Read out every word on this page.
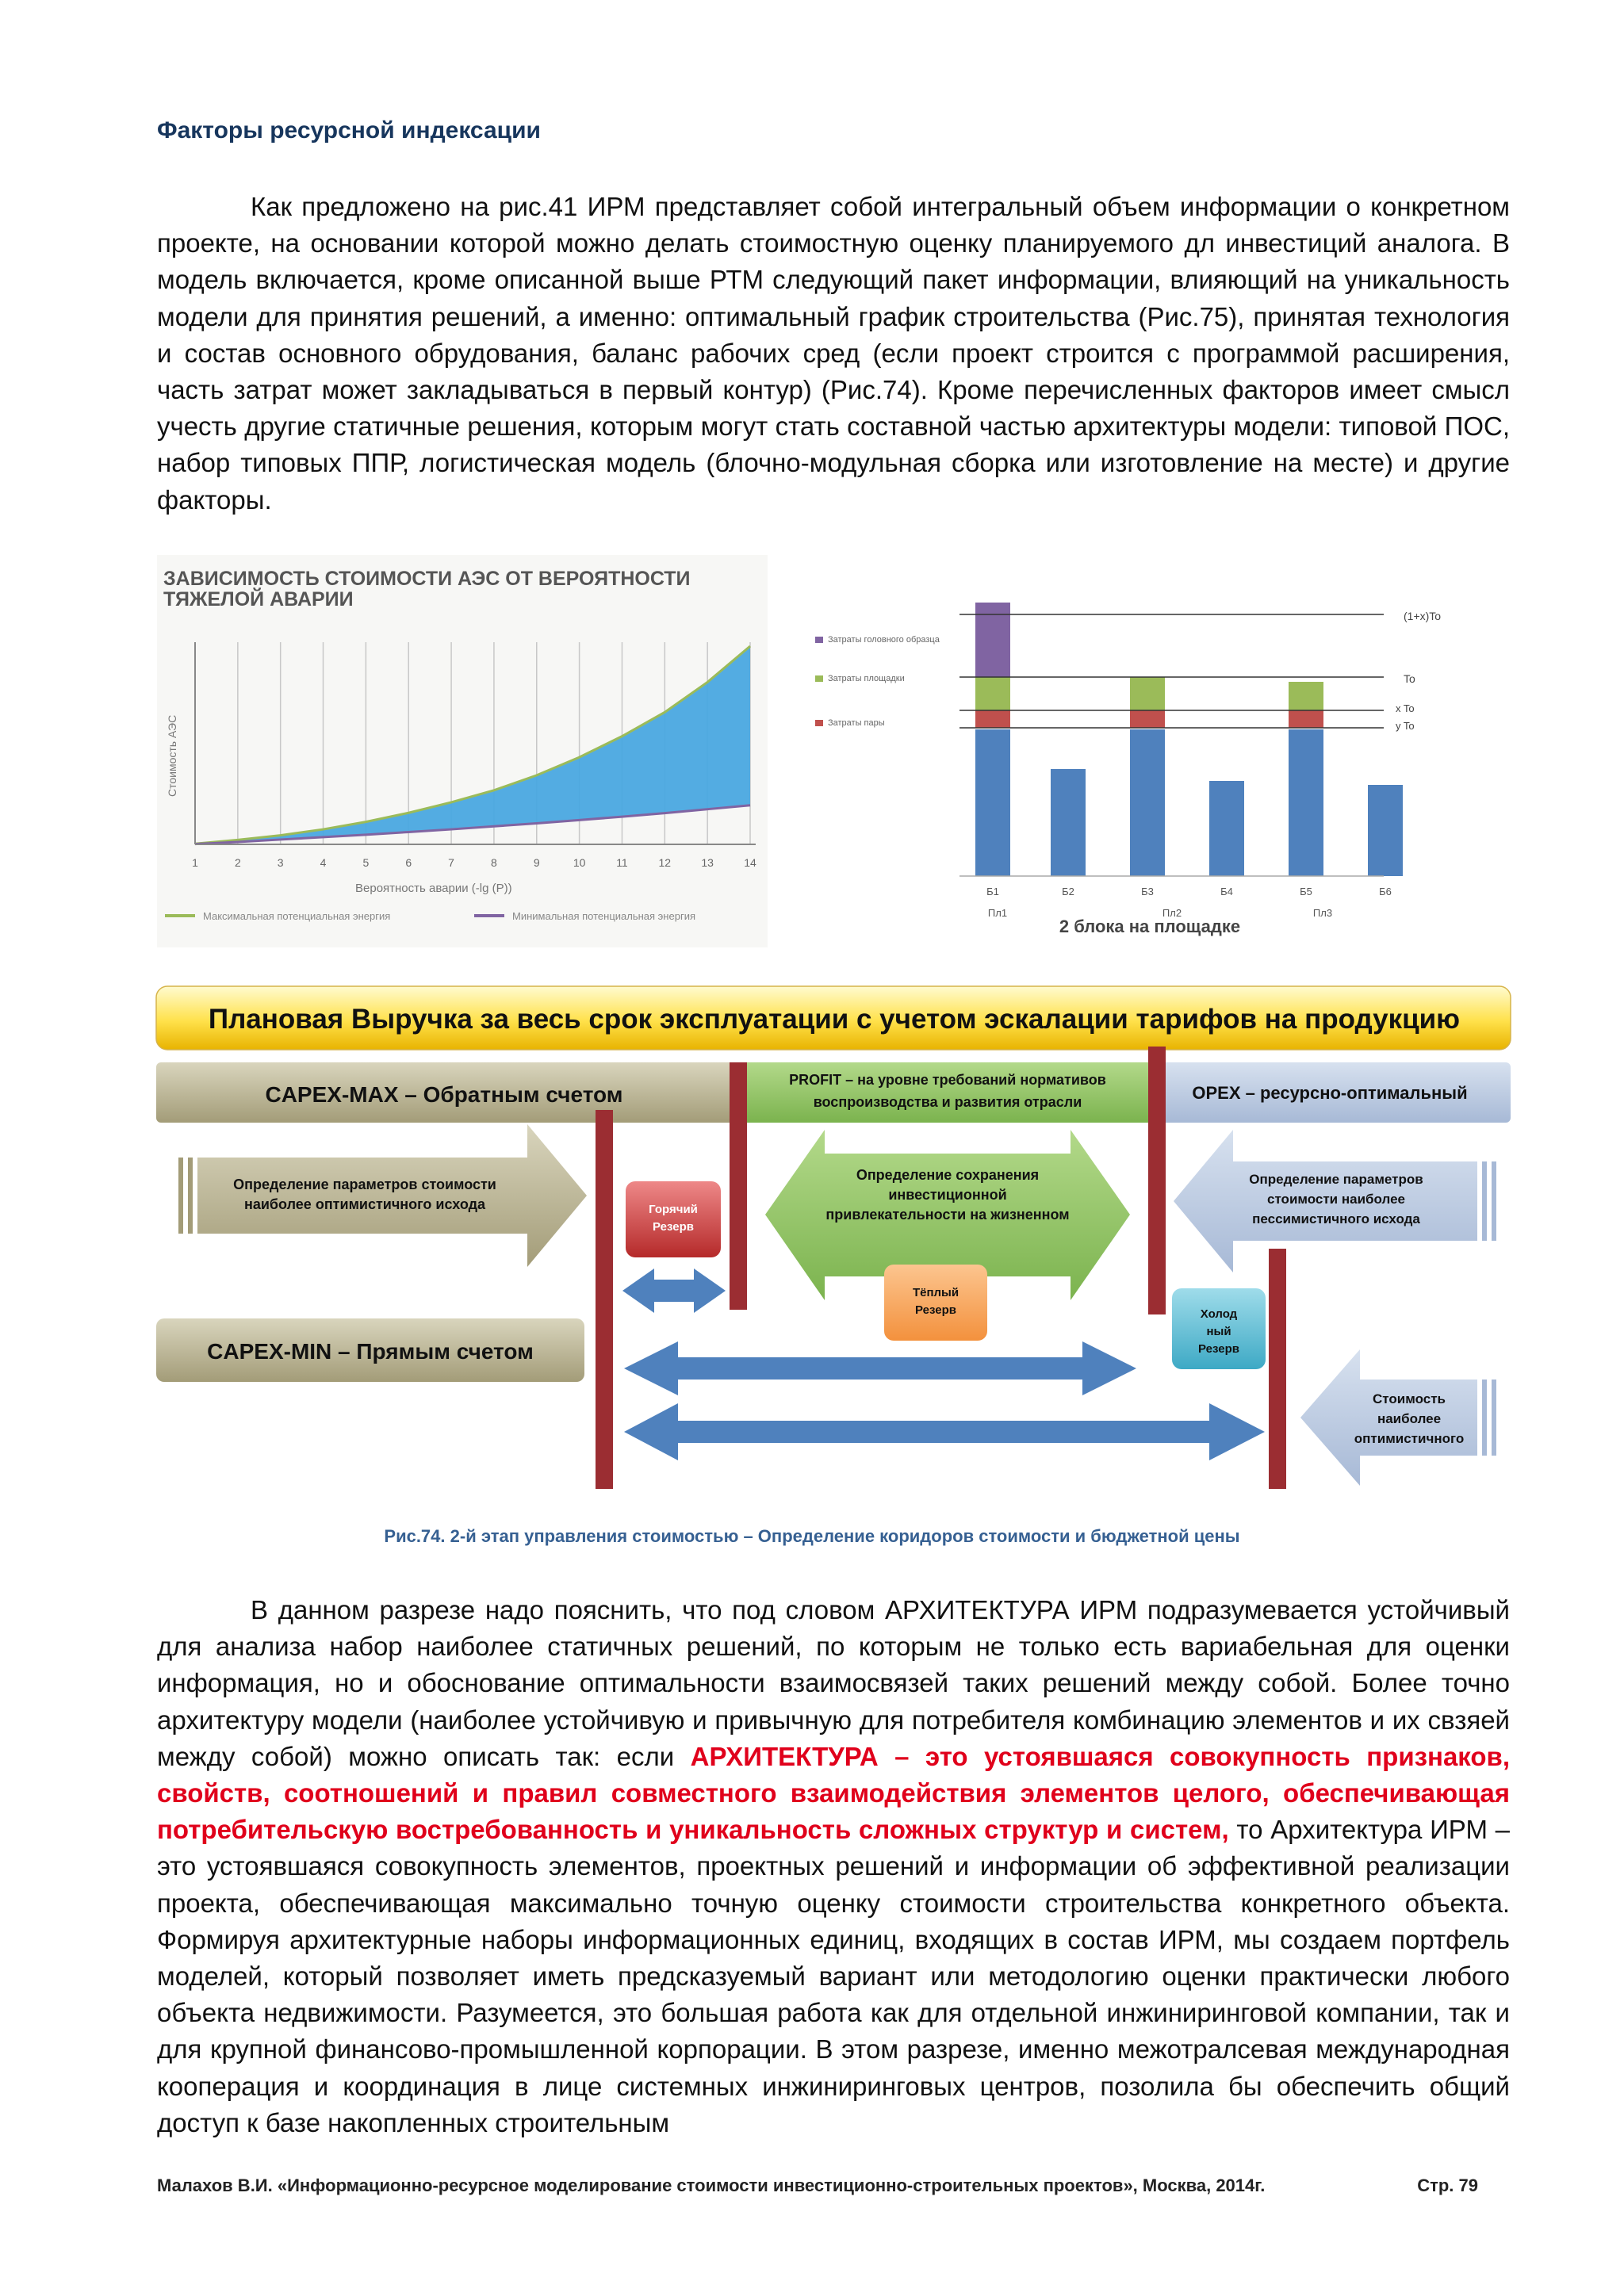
Факторы ресурсной индексации
Как предложено на рис.41 ИРМ представляет собой интегральный объем информации о конкретном проекте, на основании которой можно делать стоимостную оценку планируемого дл инвестиций аналога. В модель включается, кроме описанной выше РТМ следующий пакет информации, влияющий на уникальность модели для принятия решений, а именно: оптимальный график строительства (Рис.75), принятая технология и состав основного обрудования, баланс рабочих сред (если проект строится с программой расширения, часть затрат может закладываться в первый контур) (Рис.74). Кроме перечисленных факторов имеет смысл учесть другие статичные решения, которым могут стать составной частью архитектуры модели: типовой ПОС, набор типовых ППР, логистическая модель (блочно-модульная сборка или изготовление на месте) и другие факторы.
ЗАВИСИМОСТЬ СТОИМОСТИ АЭС ОТ ВЕРОЯТНОСТИ
ТЯЖЕЛОЙ АВАРИИ
1	2	3	4	5	6	7	8	9	10	11	12	13	14
Стоимость АЭС
Вероятность аварии (-lg (P))
Максимальная потенциальная энергия	Минимальная потенциальная энергия
Затраты головного образца
Затраты площадки
Затраты пары
(1+x)To
To
x To
y To
Б1	Б2	Б3	Б4	Б5	Б6
Пл1	Пл2	Пл3
2 блока на площадке
Плановая Выручка за весь срок эксплуатации с учетом эскалации тарифов на продукцию
CAPEX-MAX – Обратным счетом
PROFIT – на уровне требований нормативов
воспроизводства и развития отрасли	OPEX – ресурсно-оптимальный
Определение параметров стоимости
наиболее оптимистичного исхода
Определение сохранения
инвестиционной
привлекательности на жизненном
Определение параметров
стоимости наиболее
пессимистичного исхода
Горячий
Резерв
Тёплый
Резерв	Холод
ный
Резерв
CAPEX-MIN – Прямым счетом
Стоимость
наиболее
оптимистичного
Рис.74. 2-й этап управления стоимостью – Определение коридоров стоимости и бюджетной цены
В данном разрезе надо пояснить, что под словом АРХИТЕКТУРА ИРМ подразумевается устойчивый для анализа набор наиболее статичных решений, по которым не только есть вариабельная для оценки информация, но и обоснование оптимальности взаимосвязей таких решений между собой. Более точно архитектуру модели (наиболее устойчивую и привычную для потребителя комбинацию элементов и их свзяей между собой) можно описать так: если АРХИТЕКТУРА – это устоявшаяся совокупность признаков, свойств, соотношений и правил совместного взаимодействия элементов целого, обеспечивающая потребительскую востребованность и уникальность сложных структур и систем, то Архитектура ИРМ – это устоявшаяся совокупность элементов, проектных решений и информации об эффективной реализации проекта, обеспечивающая максимально точную оценку стоимости строительства конкретного объекта. Формируя архитектурные наборы информационных единиц, входящих в состав ИРМ, мы создаем портфель моделей, который позволяет иметь предсказуемый вариант или методологию оценки практически любого объекта недвижимости. Разумеется, это большая работа как для отдельной инжиниринговой компании, так и для крупной финансово-промышленной корпорации. В этом разрезе, именно межотралсевая международная кооперация и координация в лице системных инжиниринговых центров, позолила бы обеспечить общий доступ к базе накопленных строительным
Малахов В.И. «Информационно-ресурсное моделирование стоимости инвестиционно-строительных проектов», Москва, 2014г.	Стр. 79
